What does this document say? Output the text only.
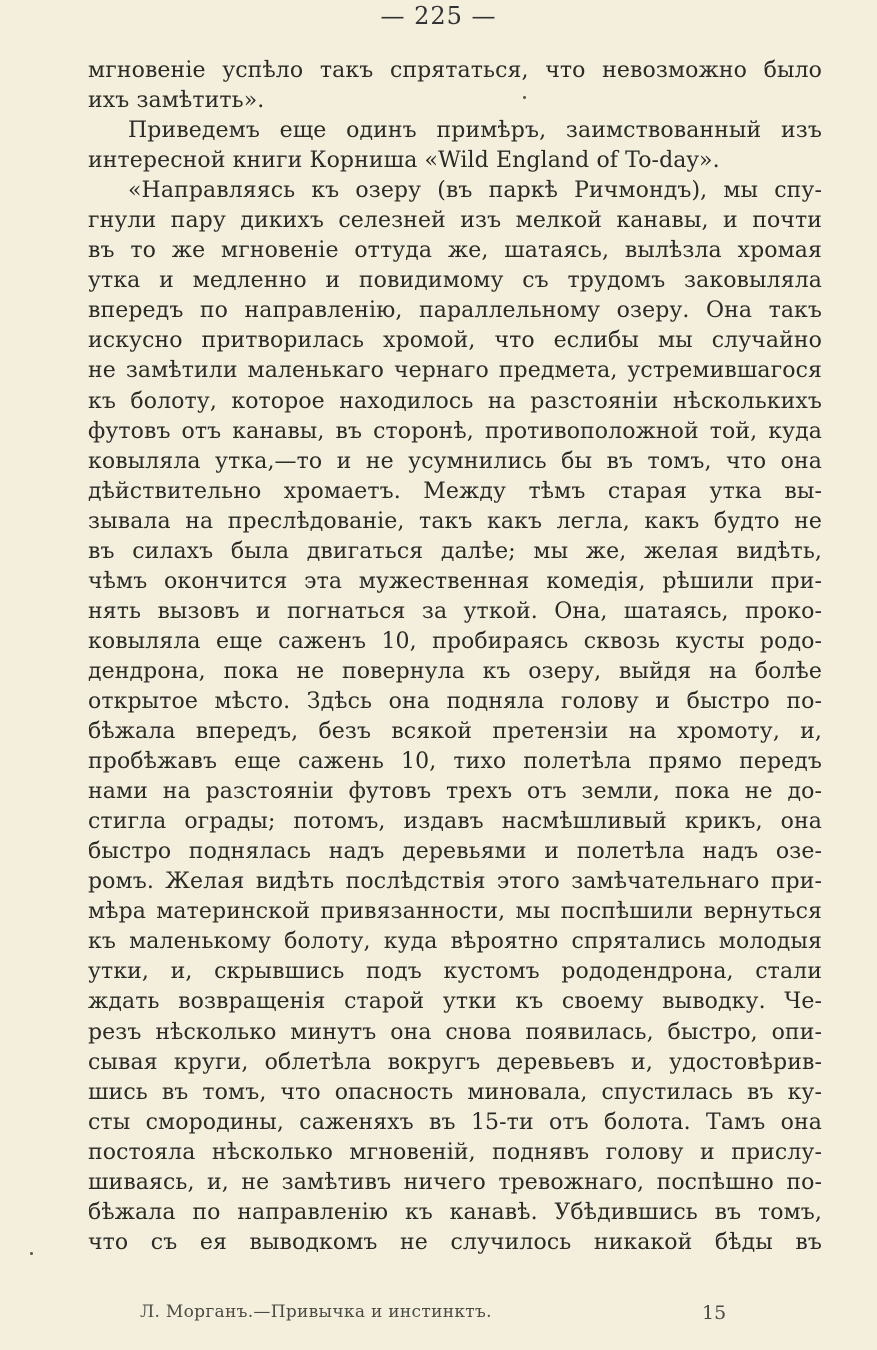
— 225 —
мгновеніе успѣло такъ спрятаться, что невозможно было
ихъ замѣтить».
Приведемъ еще одинъ примѣръ, заимствованный изъ
интересной книги Корниша «Wild England of To-day».
«Направляясь къ озеру (въ паркѣ Ричмондъ), мы спу-
гнули пару дикихъ селезней изъ мелкой канавы, и почти
въ то же мгновеніе оттуда же, шатаясь, вылѣзла хромая
утка и медленно и повидимому съ трудомъ заковыляла
впередъ по направленію, параллельному озеру. Она такъ
искусно притворилась хромой, что еслибы мы случайно
не замѣтили маленькаго чернаго предмета, устремившагося
къ болоту, которое находилось на разстояніи нѣсколькихъ
футовъ отъ канавы, въ сторонѣ, противоположной той, куда
ковыляла утка,—то и не усумнились бы въ томъ, что она
дѣйствительно хромаетъ. Между тѣмъ старая утка вы-
зывала на преслѣдованіе, такъ какъ легла, какъ будто не
въ силахъ была двигаться далѣе; мы же, желая видѣть,
чѣмъ окончится эта мужественная комедія, рѣшили при-
нять вызовъ и погнаться за уткой. Она, шатаясь, проко-
ковыляла еще саженъ 10, пробираясь сквозь кусты родо-
дендрона, пока не повернула къ озеру, выйдя на болѣе
открытое мѣсто. Здѣсь она подняла голову и быстро по-
бѣжала впередъ, безъ всякой претензіи на хромоту, и,
пробѣжавъ еще сажень 10, тихо полетѣла прямо передъ
нами на разстояніи футовъ трехъ отъ земли, пока не до-
стигла ограды; потомъ, издавъ насмѣшливый крикъ, она
быстро поднялась надъ деревьями и полетѣла надъ озе-
ромъ. Желая видѣть послѣдствія этого замѣчательнаго при-
мѣра материнской привязанности, мы поспѣшили вернуться
къ маленькому болоту, куда вѣроятно спрятались молодыя
утки, и, скрывшись подъ кустомъ рододендрона, стали
ждать возвращенія старой утки къ своему выводку. Че-
резъ нѣсколько минутъ она снова появилась, быстро, опи-
сывая круги, облетѣла вокругъ деревьевъ и, удостовѣрив-
шись въ томъ, что опасность миновала, спустилась въ ку-
сты смородины, саженяхъ въ 15-ти отъ болота. Тамъ она
постояла нѣсколько мгновеній, поднявъ голову и прислу-
шиваясь, и, не замѣтивъ ничего тревожнаго, поспѣшно по-
бѣжала по направленію къ канавѣ. Убѣдившись въ томъ,
что съ ея выводкомъ не случилось никакой бѣды въ
Л. Морганъ.—Привычка и инстинктъ.	15
